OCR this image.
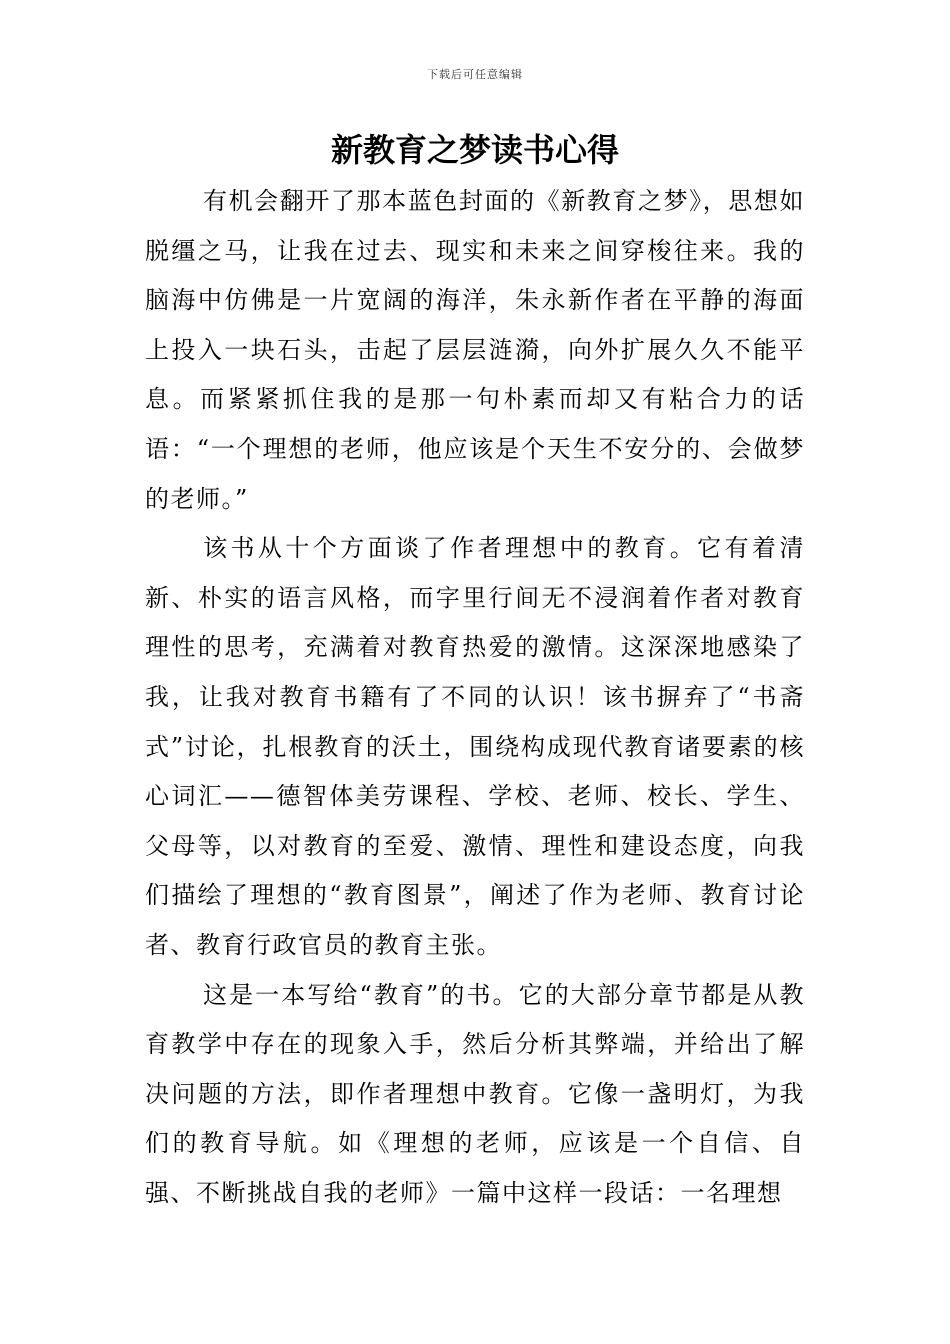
下载后可任意编辑
新教育之梦读书心得

有机会翻开了那本蓝色封面的《新教育之梦》，思想如脱缰之马，让我在过去、现实和未来之间穿梭往来。我的脑海中仿佛是一片宽阔的海洋，朱永新作者在平静的海面上投入一块石头，击起了层层涟漪，向外扩展久久不能平息。而紧紧抓住我的是那一句朴素而却又有粘合力的话语：“一个理想的老师，他应该是个天生不安分的、会做梦的老师。”

该书从十个方面谈了作者理想中的教育。它有着清新、朴实的语言风格，而字里行间无不浸润着作者对教育理性的思考，充满着对教育热爱的激情。这深深地感染了我，让我对教育书籍有了不同的认识！该书摒弃了“书斋式”讨论，扎根教育的沃土，围绕构成现代教育诸要素的核心词汇——德智体美劳课程、学校、老师、校长、学生、父母等，以对教育的至爱、激情、理性和建设态度，向我们描绘了理想的“教育图景”，阐述了作为老师、教育讨论者、教育行政官员的教育主张。

这是一本写给“教育”的书。它的大部分章节都是从教育教学中存在的现象入手，然后分析其弊端，并给出了解决问题的方法，即作者理想中教育。它像一盏明灯，为我们的教育导航。如《理想的老师，应该是一个自信、自强、不断挑战自我的老师》一篇中这样一段话：一名理想
